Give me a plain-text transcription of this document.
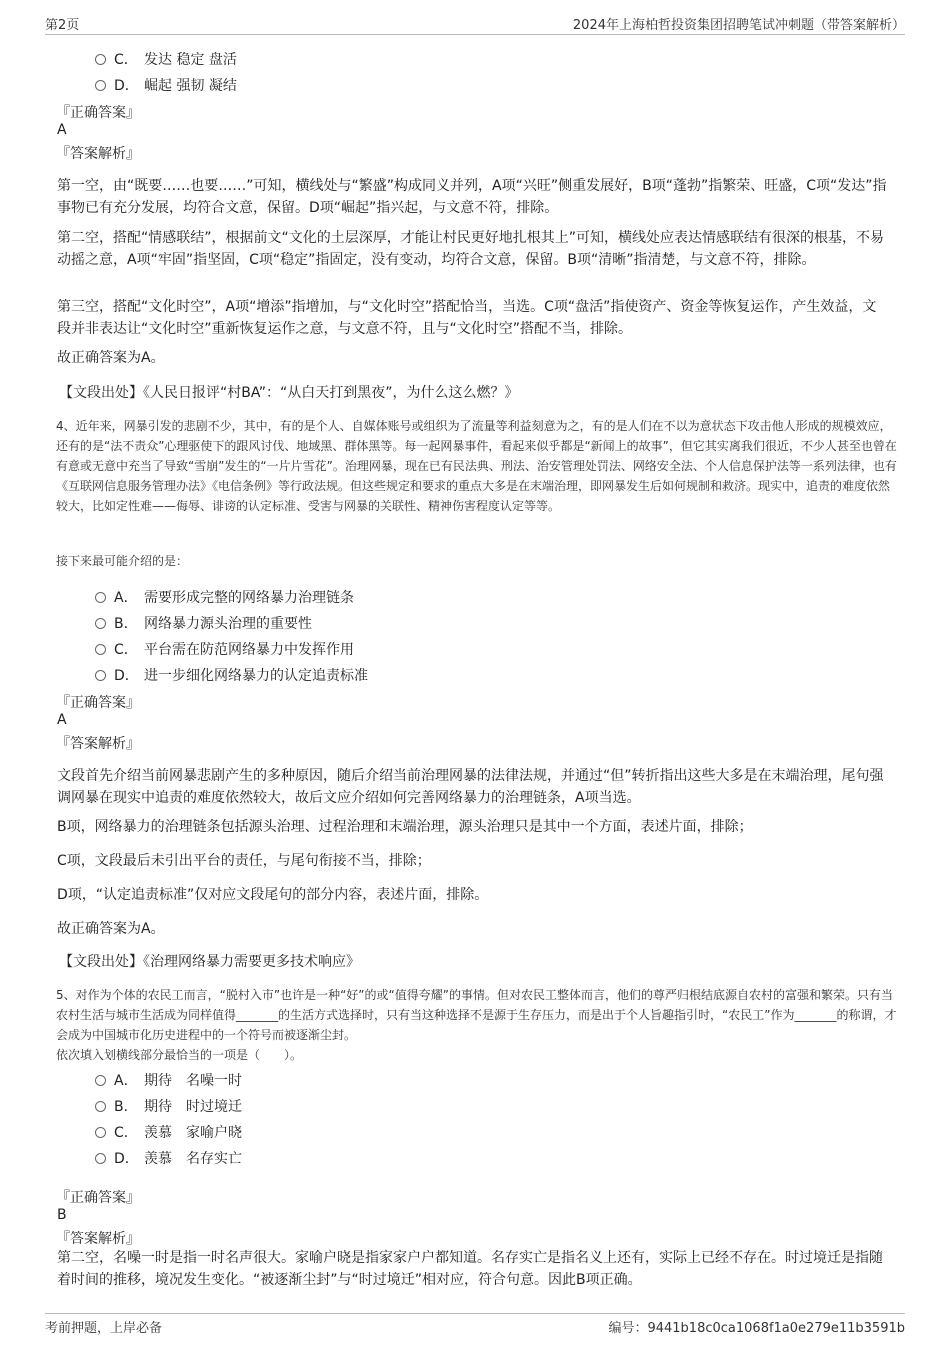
第2页	2024年上海柏哲投资集团招聘笔试冲刺题（带答案解析）
C． 发达 稳定 盘活
D． 崛起 强韧 凝结
『正确答案』
A
『答案解析』
第一空，由“既要……也要……”可知，横线处与“繁盛”构成同义并列，A项“兴旺”侧重发展好，B项“蓬勃”指繁荣、旺盛，C项“发达”指事物已有充分发展，均符合文意，保留。D项“崛起”指兴起，与文意不符，排除。
第二空，搭配“情感联结”，根据前文“文化的土层深厚，才能让村民更好地扎根其上”可知，横线处应表达情感联结有很深的根基，不易动摇之意，A项“牢固”指坚固，C项“稳定”指固定，没有变动，均符合文意，保留。B项“清晰”指清楚，与文意不符，排除。
第三空，搭配“文化时空”，A项“增添”指增加，与“文化时空”搭配恰当，当选。C项“盘活”指使资产、资金等恢复运作，产生效益，文段并非表达让“文化时空”重新恢复运作之意，与文意不符，且与“文化时空”搭配不当，排除。
故正确答案为A。
【文段出处】《人民日报评“村BA”：“从白天打到黑夜”，为什么这么燃？》
4、近年来，网暴引发的悲剧不少，其中，有的是个人、自媒体账号或组织为了流量等利益刻意为之，有的是人们在不以为意状态下攻击他人形成的规模效应，还有的是“法不责众”心理驱使下的跟风讨伐、地域黑、群体黑等。每一起网暴事件，看起来似乎都是“新闻上的故事”，但它其实离我们很近，不少人甚至也曾在有意或无意中充当了导致“雪崩”发生的“一片片雪花”。治理网暴，现在已有民法典、刑法、治安管理处罚法、网络安全法、个人信息保护法等一系列法律，也有《互联网信息服务管理办法》《电信条例》等行政法规。但这些规定和要求的重点大多是在末端治理，即网暴发生后如何规制和救济。现实中，追责的难度依然较大，比如定性难——侮辱、诽谤的认定标准、受害与网暴的关联性、精神伤害程度认定等等。
接下来最可能介绍的是：
A． 需要形成完整的网络暴力治理链条
B． 网络暴力源头治理的重要性
C． 平台需在防范网络暴力中发挥作用
D． 进一步细化网络暴力的认定追责标准
『正确答案』
A
『答案解析』
文段首先介绍当前网暴悲剧产生的多种原因，随后介绍当前治理网暴的法律法规，并通过“但”转折指出这些大多是在末端治理，尾句强调网暴在现实中追责的难度依然较大，故后文应介绍如何完善网络暴力的治理链条，A项当选。
B项，网络暴力的治理链条包括源头治理、过程治理和末端治理，源头治理只是其中一个方面，表述片面，排除；
C项，文段最后未引出平台的责任，与尾句衔接不当，排除；
D项，“认定追责标准”仅对应文段尾句的部分内容，表述片面，排除。
故正确答案为A。
【文段出处】《治理网络暴力需要更多技术响应》
5、对作为个体的农民工而言，“脱村入市”也许是一种“好”的或“值得夸耀”的事情。但对农民工整体而言，他们的尊严归根结底源自农村的富强和繁荣。只有当农村生活与城市生活成为同样值得_______的生活方式选择时，只有当这种选择不是源于生存压力，而是出于个人旨趣指引时，“农民工”作为_______的称谓，才会成为中国城市化历史进程中的一个符号而被逐渐尘封。
依次填入划横线部分最恰当的一项是（　　）。
A． 期待　名噪一时
B． 期待　时过境迁
C． 羡慕　家喻户晓
D． 羡慕　名存实亡
『正确答案』
B
『答案解析』
第二空，名噪一时是指一时名声很大。家喻户晓是指家家户户都知道。名存实亡是指名义上还有，实际上已经不存在。时过境迁是指随着时间的推移，境况发生变化。“被逐渐尘封”与“时过境迁”相对应，符合句意。因此B项正确。
考前押题，上岸必备	编号：9441b18c0ca1068f1a0e279e11b3591b
